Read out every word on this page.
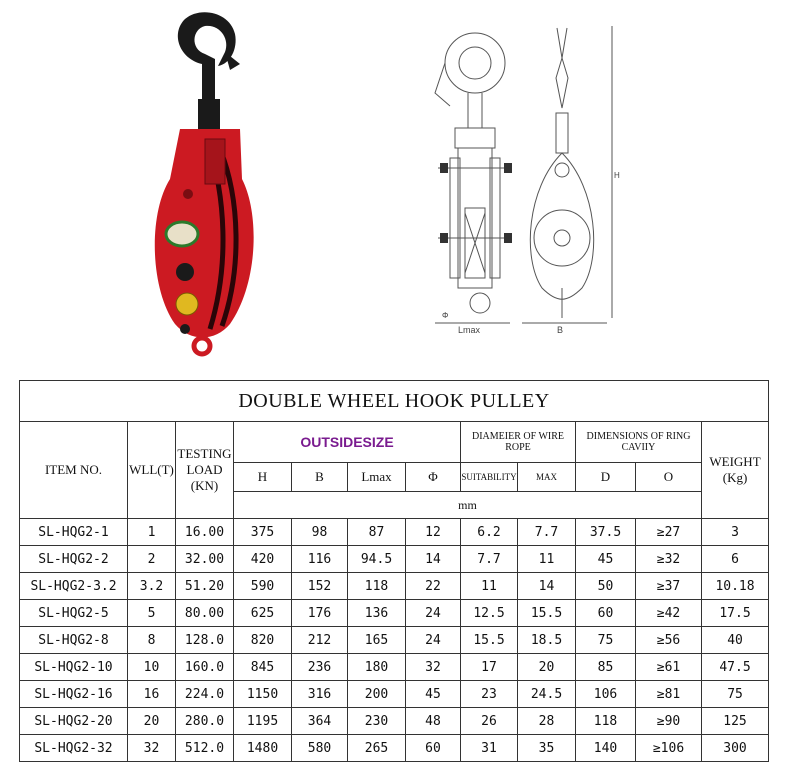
Lmax
Φ
B
H
DOUBLE WHEEL HOOK PULLEY											
ITEM NO.	WLL(T)	TESTING LOAD (KN)	OUTSIDESIZE				DIAMEIER OF WIRE ROPE		DIMENSIONS OF RING CAVIIY		WEIGHT (Kg)
			H	B	Lmax	Φ	SUITABILITY	MAX	D	O	
			mm								
SL-HQG2-1	1	16.00	375	98	87	12	6.2	7.7	37.5	≥27	3
SL-HQG2-2	2	32.00	420	116	94.5	14	7.7	11	45	≥32	6
SL-HQG2-3.2	3.2	51.20	590	152	118	22	11	14	50	≥37	10.18
SL-HQG2-5	5	80.00	625	176	136	24	12.5	15.5	60	≥42	17.5
SL-HQG2-8	8	128.0	820	212	165	24	15.5	18.5	75	≥56	40
SL-HQG2-10	10	160.0	845	236	180	32	17	20	85	≥61	47.5
SL-HQG2-16	16	224.0	1150	316	200	45	23	24.5	106	≥81	75
SL-HQG2-20	20	280.0	1195	364	230	48	26	28	118	≥90	125
SL-HQG2-32	32	512.0	1480	580	265	60	31	35	140	≥106	300
